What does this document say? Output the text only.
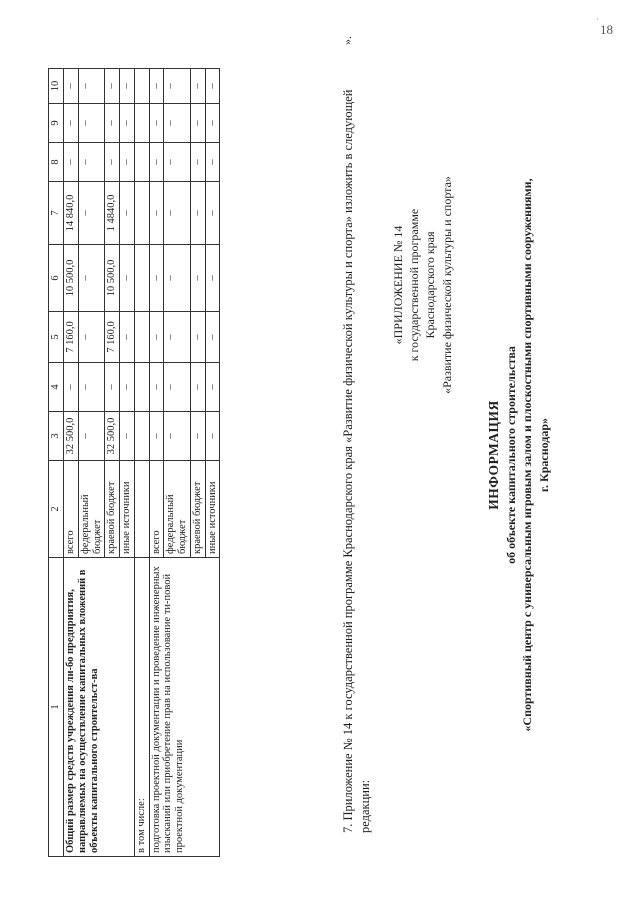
·
18
1	2	3	4	5	6	7	8	9	10
Общий размер средств учреждения ли-бо предприятия, направляемых на осуществление капитальных вложений в объекты капитального строительст-ва	всего	32 500,0	–	7 160,0	10 500,0	14 840,0	–	–	–
	федеральный бюджет	–	–	–	–	–	–	–	–
	краевой бюджет	32 500,0	–	7 160,0	10 500,0	1 4840,0	–	–	–
	иные источники	–	–	–	–	–	–	–	–
в том числе:									
подготовка проектной документации и проведение инженерных изысканий или приобретение прав на использование ти-повой проектной документации	всего	–	–	–	–	–	–	–	–
	федеральный бюджет	–	–	–	–	–	–	–	–
	краевой бюджет	–	–	–	–	–	–	–	–
	иные источники	–	–	–	–	–	–	–	–
».

7. Приложение № 14 к государственной программе Краснодарского края «Развитие физической культуры и спорта» изложить в следующей редакции:

«ПРИЛОЖЕНИЕ № 14 к государственной программе Краснодарского края «Развитие физической культуры и спорта»
ИНФОРМАЦИЯ об объекте капитального строительства «Спортивный центр с универсальным игровым залом и плоскостными спортивными сооружениями, г. Краснодар»
